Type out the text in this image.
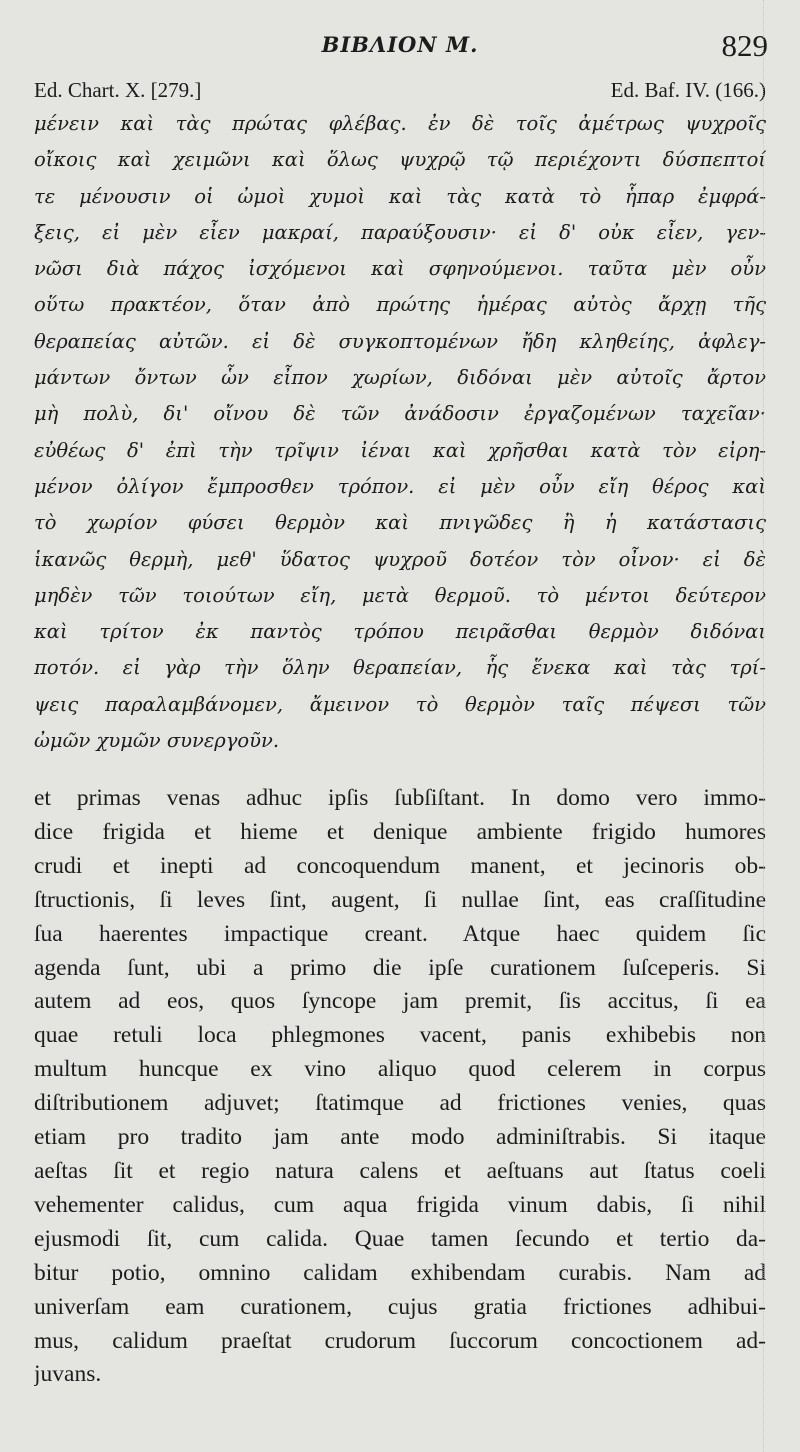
BIBΛION M.	829
Ed. Chart. X. [279.]	Ed. Baf. IV. (166.)
μένειν καὶ τὰς πρώτας φλέβας. ἐν δὲ τοῖς ἀμέτρως ψυχροῖς
οἴκοις καὶ χειμῶνι καὶ ὅλως ψυχρῷ τῷ περιέχοντι δύσπεπτοί
τε μένουσιν οἱ ὠμοὶ χυμοὶ καὶ τὰς κατὰ τὸ ἧπαρ ἐμφρά-
ξεις, εἰ μὲν εἶεν μακραί, παραύξουσιν· εἰ δ' οὐκ εἶεν, γεν-
νῶσι διὰ πάχος ἰσχόμενοι καὶ σφηνούμενοι. ταῦτα μὲν οὖν
οὕτω πρακτέον, ὅταν ἀπὸ πρώτης ἡμέρας αὐτὸς ἄρχῃ τῆς
θεραπείας αὐτῶν. εἰ δὲ συγκοπτομένων ἤδη κληθείης, ἀφλεγ-
μάντων ὄντων ὧν εἶπον χωρίων, διδόναι μὲν αὐτοῖς ἄρτον
μὴ πολὺ, δι' οἴνου δὲ τῶν ἀνάδοσιν ἐργαζομένων ταχεῖαν·
εὐθέως δ' ἐπὶ τὴν τρῖψιν ἰέναι καὶ χρῆσθαι κατὰ τὸν εἰρη-
μένον ὀλίγον ἔμπροσθεν τρόπον. εἰ μὲν οὖν εἴη θέρος καὶ
τὸ χωρίον φύσει θερμὸν καὶ πνιγῶδες ἢ ἡ κατάστασις
ἱκανῶς θερμὴ, μεθ' ὕδατος ψυχροῦ δοτέον τὸν οἶνον· εἰ δὲ
μηδὲν τῶν τοιούτων εἴη, μετὰ θερμοῦ. τὸ μέντοι δεύτερον
καὶ τρίτον ἐκ παντὸς τρόπου πειρᾶσθαι θερμὸν διδόναι
ποτόν. εἰ γὰρ τὴν ὅλην θεραπείαν, ἧς ἕνεκα καὶ τὰς τρί-
ψεις παραλαμβάνομεν, ἄμεινον τὸ θερμὸν ταῖς πέψεσι τῶν
ὠμῶν χυμῶν συνεργοῦν.
et primas venas adhuc ipſis ſubſiſtant. In domo vero immo-
dice frigida et hieme et denique ambiente frigido humores
crudi et inepti ad concoquendum manent, et jecinoris ob-
ſtructionis, ſi leves ſint, augent, ſi nullae ſint, eas craſſitudine
ſua haerentes impactique creant. Atque haec quidem ſic
agenda ſunt, ubi a primo die ipſe curationem ſuſceperis. Si
autem ad eos, quos ſyncope jam premit, ſis accitus, ſi ea
quae retuli loca phlegmones vacent, panis exhibebis non
multum huncque ex vino aliquo quod celerem in corpus
diſtributionem adjuvet; ſtatimque ad frictiones venies, quas
etiam pro tradito jam ante modo adminiſtrabis. Si itaque
aeſtas ſit et regio natura calens et aeſtuans aut ſtatus coeli
vehementer calidus, cum aqua frigida vinum dabis, ſi nihil
ejusmodi ſit, cum calida. Quae tamen ſecundo et tertio da-
bitur potio, omnino calidam exhibendam curabis. Nam ad
univerſam eam curationem, cujus gratia frictiones adhibui-
mus, calidum praeſtat crudorum ſuccorum concoctionem ad-
juvans.
